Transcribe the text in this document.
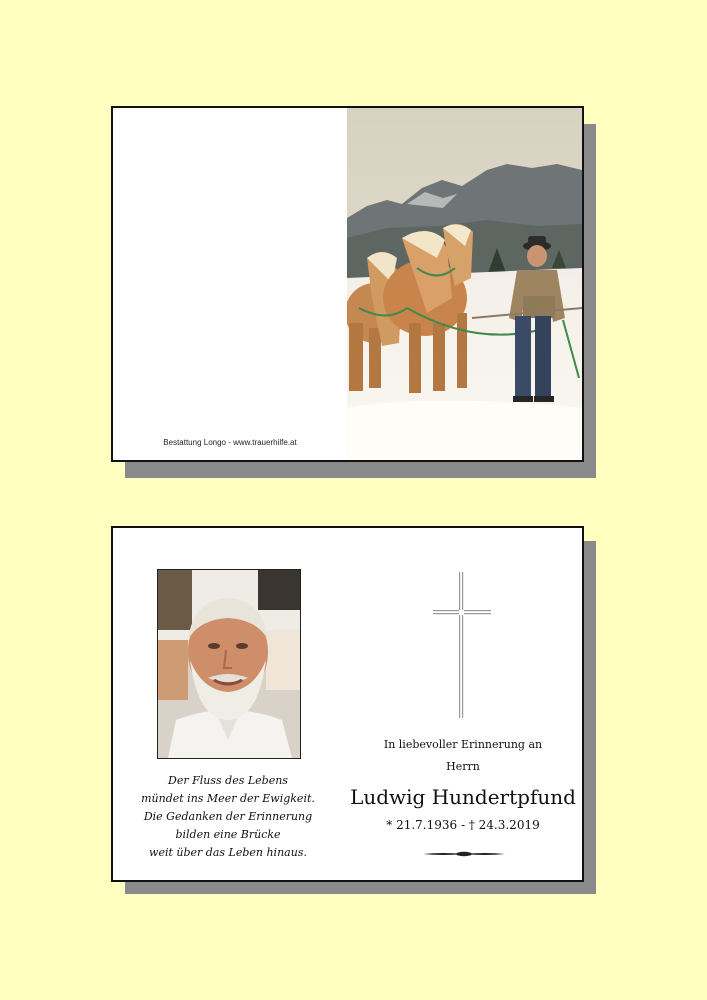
Bestattung Longo - www.trauerhilfe.at
Der Fluss des Lebens
mündet ins Meer der Ewigkeit.
Die Gedanken der Erinnerung
bilden eine Brücke
weit über das Leben hinaus.
In liebevoller Erinnerung an
Herrn
Ludwig Hundertpfund
* 21.7.1936 - † 24.3.2019
